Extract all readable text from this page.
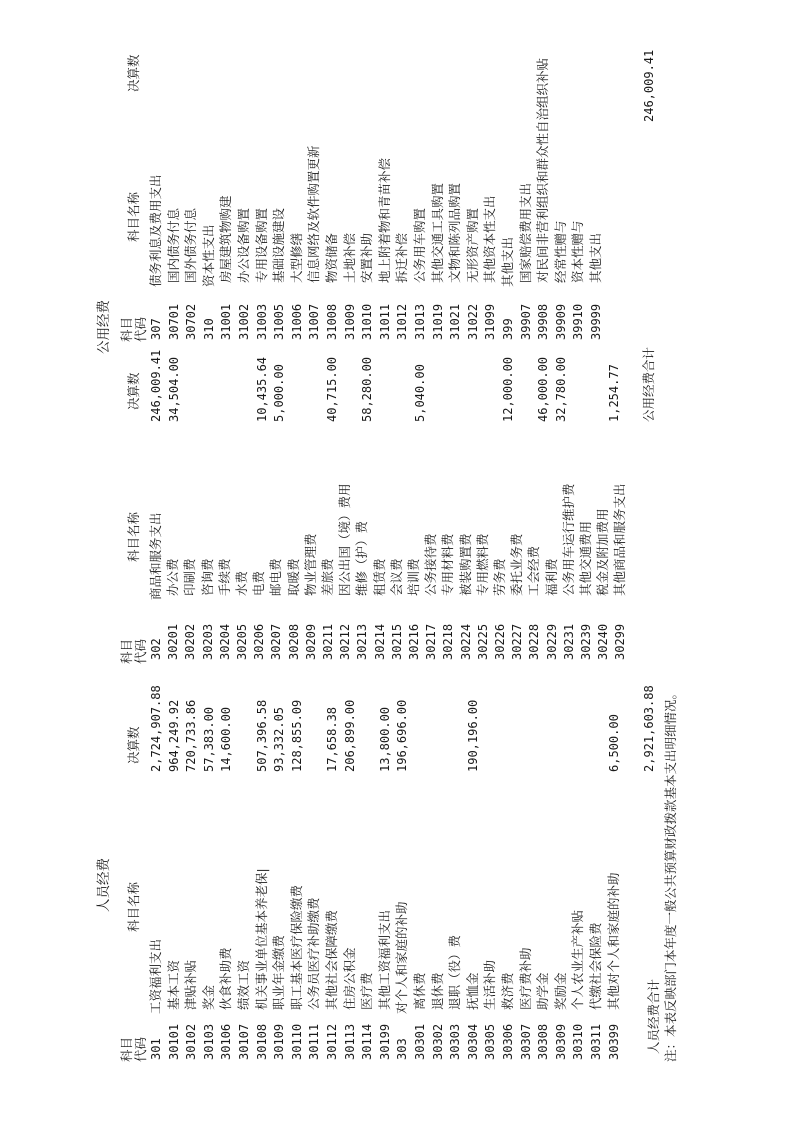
人员经费
公用经费
科目
代码
科目名称
决算数
科目
代码
科目名称
决算数
科目
代码
科目名称
决算数
301
工资福利支出
2,724,907.88
30101
基本工资
964,249.92
30102
津贴补贴
720,733.86
30103
奖金
57,383.00
30106
伙食补助费
14,600.00
30107
绩效工资
30108
机关事业单位基本养老保|
507,396.58
30109
职业年金缴费
93,332.05
30110
职工基本医疗保险缴费
128,855.09
30111
公务员医疗补助缴费
30112
其他社会保障缴费
17,658.38
30113
住房公积金
206,899.00
30114
医疗费
30199
其他工资福利支出
13,800.00
303
对个人和家庭的补助
196,696.00
30301
离休费
30302
退休费
30303
退职（役）费
30304
抚恤金
190,196.00
30305
生活补助
30306
救济费
30307
医疗费补助
30308
助学金
30309
奖励金
30310
个人农业生产补贴
30311
代缴社会保险费
30399
其他对个人和家庭的补助
6,500.00
302
商品和服务支出
30201
办公费
30202
印刷费
30203
咨询费
30204
手续费
30205
水费
30206
电费
30207
邮电费
30208
取暖费
30209
物业管理费
30211
差旅费
30212
因公出国（境）费用
30213
维修（护）费
30214
租赁费
30215
会议费
30216
培训费
30217
公务接待费
30218
专用材料费
30224
被装购置费
30225
专用燃料费
30226
劳务费
30227
委托业务费
30228
工会经费
30229
福利费
30231
公务用车运行维护费
30239
其他交通费用
30240
税金及附加费用
30299
其他商品和服务支出
246,009.41
307
债务利息及费用支出
34,504.00
30701
国内债务付息
30702
国外债务付息
310
资本性支出
31001
房屋建筑物购建
31002
办公设备购置
10,435.64
31003
专用设备购置
5,000.00
31005
基础设施建设
31006
大型修缮
31007
信息网络及软件购置更新
40,715.00
31008
物资储备
31009
土地补偿
58,280.00
31010
安置补助
31011
地上附着物和青苗补偿
31012
拆迁补偿
5,040.00
31013
公务用车购置
31019
其他交通工具购置
31021
文物和陈列品购置
31022
无形资产购置
31099
其他资本性支出
12,000.00
399
其他支出
39907
国家赔偿费用支出
46,000.00
39908
对民间非营利组织和群众性自治组织补贴
32,780.00
39909
经常性赠与
39910
资本性赠与
39999
其他支出
1,254.77
人员经费合计
2,921,603.88
公用经费合计
246,009.41
注：本表反映部门本年度一般公共预算财政拨款基本支出明细情况。
